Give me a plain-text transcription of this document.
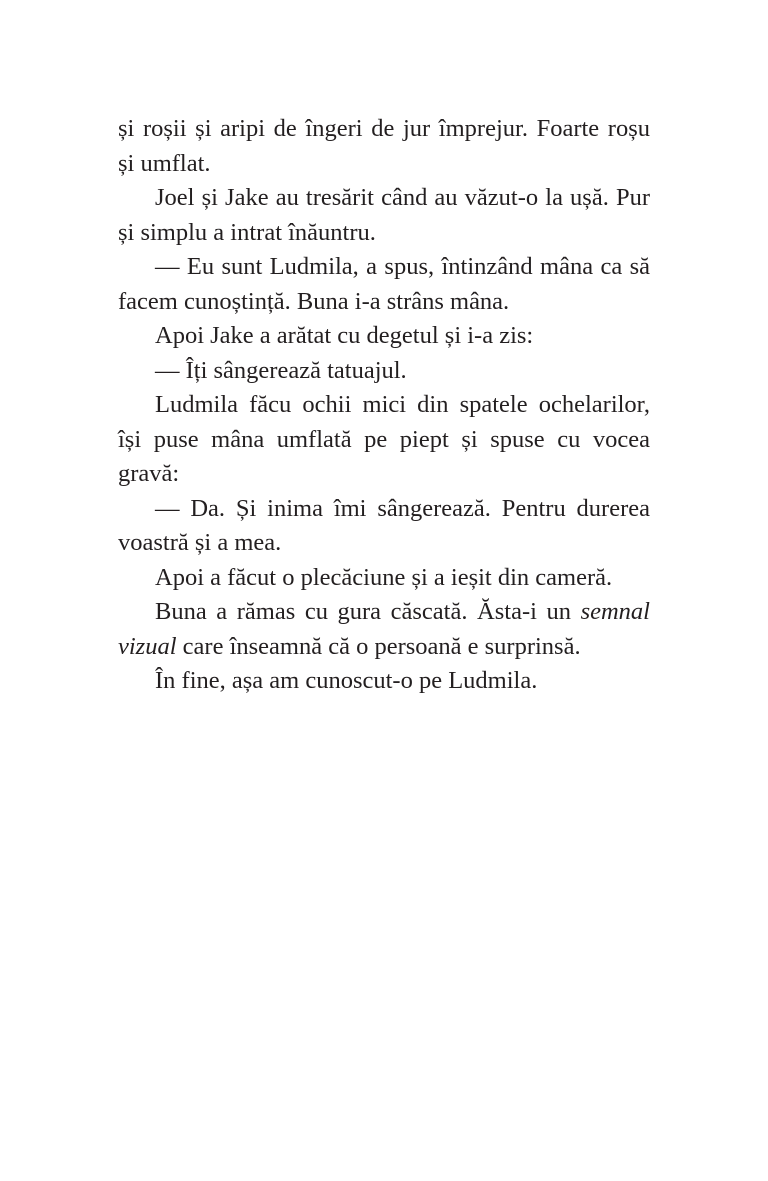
și roșii și aripi de îngeri de jur împrejur. Foarte roșu
și umflat.
Joel și Jake au tresărit când au văzut-o la ușă. Pur
și simplu a intrat înăuntru.
— Eu sunt Ludmila, a spus, întinzând mâna ca să
facem cunoștință. Buna i-a strâns mâna.
Apoi Jake a arătat cu degetul și i-a zis:
— Îți sângerează tatuajul.
Ludmila făcu ochii mici din spatele ochelarilor,
își puse mâna umflată pe piept și spuse cu vocea
gravă:
— Da. Și inima îmi sângerează. Pentru durerea
voastră și a mea.
Apoi a făcut o plecăciune și a ieșit din cameră.
Buna a rămas cu gura căscată. Ăsta-i un semnal
vizual care înseamnă că o persoană e surprinsă.
În fine, așa am cunoscut-o pe Ludmila.
